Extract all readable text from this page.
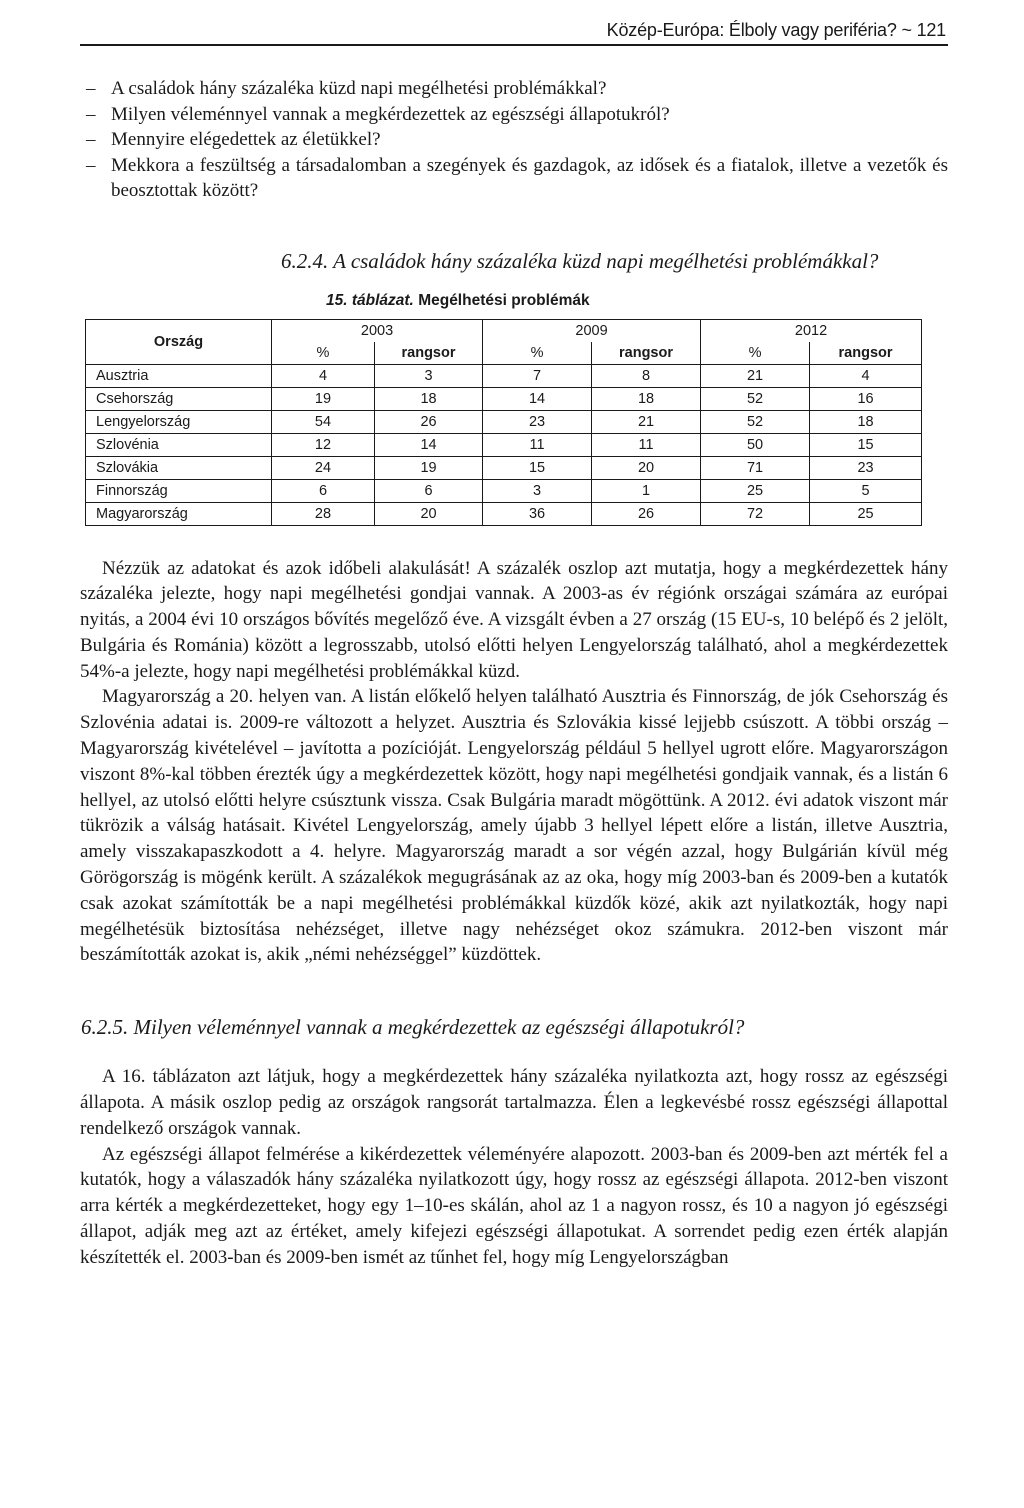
Közép-Európa: Élboly vagy periféria? ~ 121
– A családok hány százaléka küzd napi megélhetési problémákkal?
– Milyen véleménnyel vannak a megkérdezettek az egészségi állapotukról?
– Mennyire elégedettek az életükkel?
– Mekkora a feszültség a társadalomban a szegények és gazdagok, az idősek és a fiatalok, illetve a vezetők és beosztottak között?
6.2.4. A családok hány százaléka küzd napi megélhetési problémákkal?
15. táblázat. Megélhetési problémák
Ország	2003		2009		2012	
	%	rangsor	%	rangsor	%	rangsor
Ausztria	4	3	7	8	21	4
Csehország	19	18	14	18	52	16
Lengyelország	54	26	23	21	52	18
Szlovénia	12	14	11	11	50	15
Szlovákia	24	19	15	20	71	23
Finnország	6	6	3	1	25	5
Magyarország	28	20	36	26	72	25

Nézzük az adatokat és azok időbeli alakulását! A százalék oszlop azt mutatja, hogy a megkérdezettek hány százaléka jelezte, hogy napi megélhetési gondjai vannak. A 2003-as év régiónk országai számára az európai nyitás, a 2004 évi 10 országos bővítés megelőző éve. A vizsgált évben a 27 ország (15 EU-s, 10 belépő és 2 jelölt, Bulgária és Románia) között a legrosszabb, utolsó előtti helyen Lengyelország található, ahol a megkérdezettek 54%-a jelezte, hogy napi megélhetési problémákkal küzd.

Magyarország a 20. helyen van. A listán előkelő helyen található Ausztria és Finnország, de jók Csehország és Szlovénia adatai is. 2009-re változott a helyzet. Ausztria és Szlovákia kissé lejjebb csúszott. A többi ország – Magyarország kivételével – javította a pozícióját. Lengyelország például 5 hellyel ugrott előre. Magyarországon viszont 8%-kal többen érezték úgy a megkérdezettek között, hogy napi megélhetési gondjaik vannak, és a listán 6 hellyel, az utolsó előtti helyre csúsztunk vissza. Csak Bulgária maradt mögöttünk. A 2012. évi adatok viszont már tükrözik a válság hatásait. Kivétel Lengyelország, amely újabb 3 hellyel lépett előre a listán, illetve Ausztria, amely visszakapaszkodott a 4. helyre. Magyarország maradt a sor végén azzal, hogy Bulgárián kívül még Görögország is mögénk került. A százalékok megugrásának az az oka, hogy míg 2003-ban és 2009-ben a kutatók csak azokat számították be a napi megélhetési problémákkal küzdők közé, akik azt nyilatkozták, hogy napi megélhetésük biztosítása nehézséget, illetve nagy nehézséget okoz számukra. 2012-ben viszont már beszámították azokat is, akik „némi nehézséggel” küzdöttek.

6.2.5. Milyen véleménnyel vannak a megkérdezettek az egészségi állapotukról?

A 16. táblázaton azt látjuk, hogy a megkérdezettek hány százaléka nyilatkozta azt, hogy rossz az egészségi állapota. A másik oszlop pedig az országok rangsorát tartalmazza. Élen a legkevésbé rossz egészségi állapottal rendelkező országok vannak.

Az egészségi állapot felmérése a kikérdezettek véleményére alapozott. 2003-ban és 2009-ben azt mérték fel a kutatók, hogy a válaszadók hány százaléka nyilatkozott úgy, hogy rossz az egészségi állapota. 2012-ben viszont arra kérték a megkérdezetteket, hogy egy 1–10-es skálán, ahol az 1 a nagyon rossz, és 10 a nagyon jó egészségi állapot, adják meg azt az értéket, amely kifejezi egészségi állapotukat. A sorrendet pedig ezen érték alapján készítették el. 2003-ban és 2009-ben ismét az tűnhet fel, hogy míg Lengyelországban
